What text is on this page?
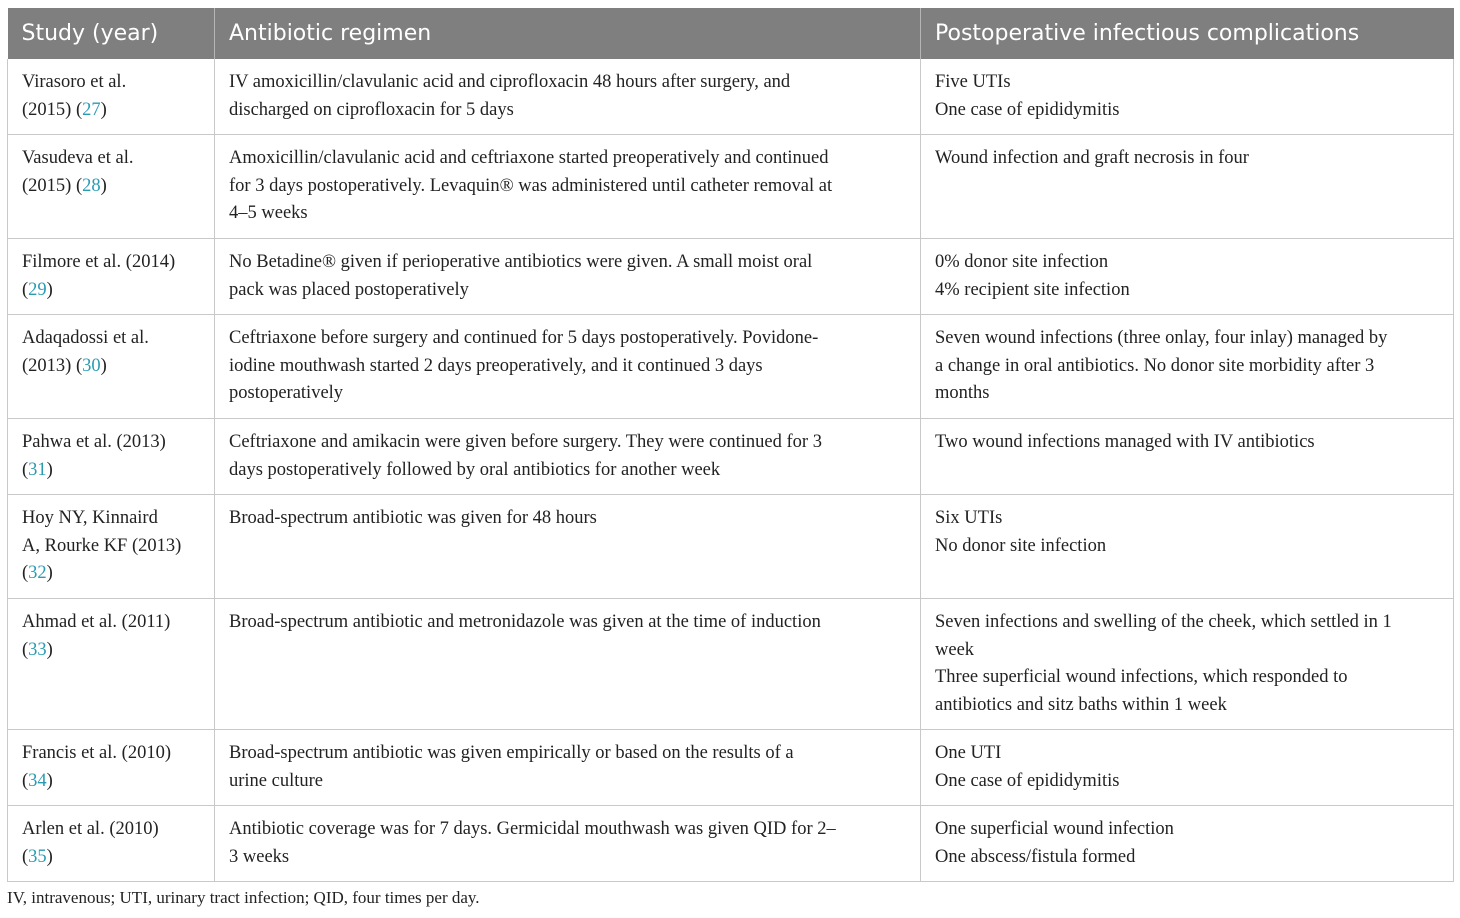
Study (year)	Antibiotic regimen	Postoperative infectious complications

Virasoro et al.
(2015) (27)	IV amoxicillin/clavulanic acid and ciprofloxacin 48 hours after surgery, and
discharged on ciprofloxacin for 5 days	Five UTIs
One case of epididymitis

Vasudeva et al.
(2015) (28)	Amoxicillin/clavulanic acid and ceftriaxone started preoperatively and continued
for 3 days postoperatively. Levaquin® was administered until catheter removal at
4–5 weeks	Wound infection and graft necrosis in four

Filmore et al. (2014)
(29)	No Betadine® given if perioperative antibiotics were given. A small moist oral
pack was placed postoperatively	0% donor site infection
4% recipient site infection

Adaqadossi et al.
(2013) (30)	Ceftriaxone before surgery and continued for 5 days postoperatively. Povidone-
iodine mouthwash started 2 days preoperatively, and it continued 3 days
postoperatively	Seven wound infections (three onlay, four inlay) managed by
a change in oral antibiotics. No donor site morbidity after 3
months

Pahwa et al. (2013)
(31)	Ceftriaxone and amikacin were given before surgery. They were continued for 3
days postoperatively followed by oral antibiotics for another week	Two wound infections managed with IV antibiotics

Hoy NY, Kinnaird
A, Rourke KF (2013)
(32)	Broad-spectrum antibiotic was given for 48 hours	Six UTIs
No donor site infection

Ahmad et al. (2011)
(33)	Broad-spectrum antibiotic and metronidazole was given at the time of induction	Seven infections and swelling of the cheek, which settled in 1
week
Three superficial wound infections, which responded to
antibiotics and sitz baths within 1 week

Francis et al. (2010)
(34)	Broad-spectrum antibiotic was given empirically or based on the results of a
urine culture	One UTI
One case of epididymitis

Arlen et al. (2010)
(35)	Antibiotic coverage was for 7 days. Germicidal mouthwash was given QID for 2–
3 weeks	One superficial wound infection
One abscess/fistula formed
IV, intravenous; UTI, urinary tract infection; QID, four times per day.
